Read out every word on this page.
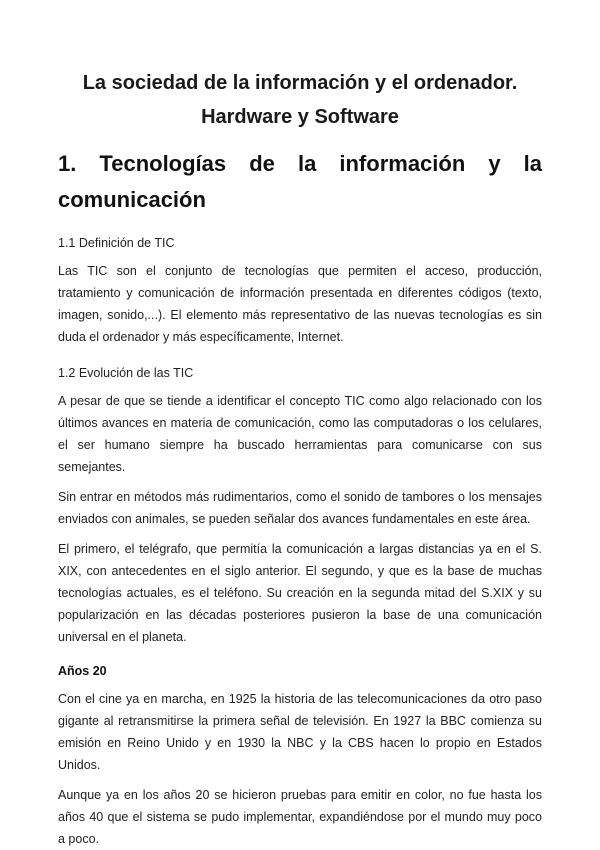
La sociedad de la información y el ordenador.
Hardware y Software
1. Tecnologías de la información y la
comunicación

1.1 Definición de TIC

Las TIC son el conjunto de tecnologías que permiten el acceso, producción, tratamiento y comunicación de información presentada en diferentes códigos (texto, imagen, sonido,...). El elemento más representativo de las nuevas tecnologías es sin duda el ordenador y más específicamente, Internet.

1.2 Evolución de las TIC

A pesar de que se tiende a identificar el concepto TIC como algo relacionado con los últimos avances en materia de comunicación, como las computadoras o los celulares, el ser humano siempre ha buscado herramientas para comunicarse con sus semejantes.

Sin entrar en métodos más rudimentarios, como el sonido de tambores o los mensajes enviados con animales, se pueden señalar dos avances fundamentales en este área.

El primero, el telégrafo, que permitía la comunicación a largas distancias ya en el S. XIX, con antecedentes en el siglo anterior. El segundo, y que es la base de muchas tecnologías actuales, es el teléfono. Su creación en la segunda mitad del S.XIX y su popularización en las décadas posteriores pusieron la base de una comunicación universal en el planeta.

Años 20

Con el cine ya en marcha, en 1925 la historia de las telecomunicaciones da otro paso gigante al retransmitirse la primera señal de televisión. En 1927 la BBC comienza su emisión en Reino Unido y en 1930 la NBC y la CBS hacen lo propio en Estados Unidos.

Aunque ya en los años 20 se hicieron pruebas para emitir en color, no fue hasta los años 40 que el sistema se pudo implementar, expandiéndose por el mundo muy poco a poco.
